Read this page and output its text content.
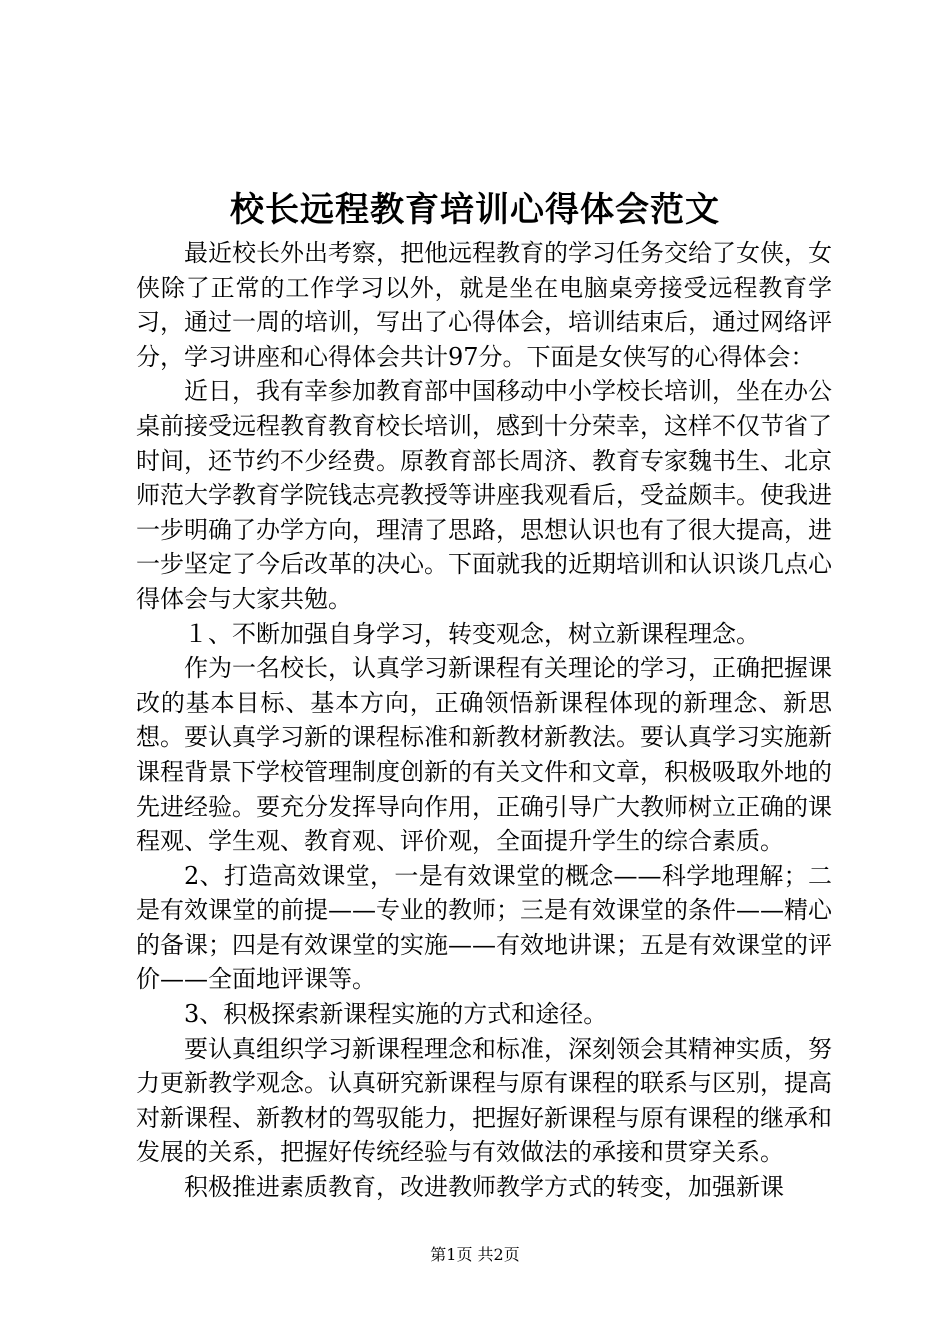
校长远程教育培训心得体会范文

最近校长外出考察，把他远程教育的学习任务交给了女侠，女侠除了正常的工作学习以外，就是坐在电脑桌旁接受远程教育学习，通过一周的培训，写出了心得体会，培训结束后，通过网络评分，学习讲座和心得体会共计97分。下面是女侠写的心得体会：

近日，我有幸参加教育部中国移动中小学校长培训，坐在办公桌前接受远程教育教育校长培训，感到十分荣幸，这样不仅节省了时间，还节约不少经费。原教育部长周济、教育专家魏书生、北京师范大学教育学院钱志亮教授等讲座我观看后，受益颇丰。使我进一步明确了办学方向，理清了思路，思想认识也有了很大提高，进一步坚定了今后改革的决心。下面就我的近期培训和认识谈几点心得体会与大家共勉。

１、不断加强自身学习，转变观念，树立新课程理念。

作为一名校长，认真学习新课程有关理论的学习，正确把握课改的基本目标、基本方向，正确领悟新课程体现的新理念、新思想。要认真学习新的课程标准和新教材新教法。要认真学习实施新课程背景下学校管理制度创新的有关文件和文章，积极吸取外地的先进经验。要充分发挥导向作用，正确引导广大教师树立正确的课程观、学生观、教育观、评价观，全面提升学生的综合素质。

2、打造高效课堂，一是有效课堂的概念——科学地理解；二是有效课堂的前提——专业的教师；三是有效课堂的条件——精心的备课；四是有效课堂的实施——有效地讲课；五是有效课堂的评价——全面地评课等。

3、积极探索新课程实施的方式和途径。

要认真组织学习新课程理念和标准，深刻领会其精神实质，努力更新教学观念。认真研究新课程与原有课程的联系与区别，提高对新课程、新教材的驾驭能力，把握好新课程与原有课程的继承和发展的关系，把握好传统经验与有效做法的承接和贯穿关系。

积极推进素质教育，改进教师教学方式的转变，加强新课

第1页 共2页
